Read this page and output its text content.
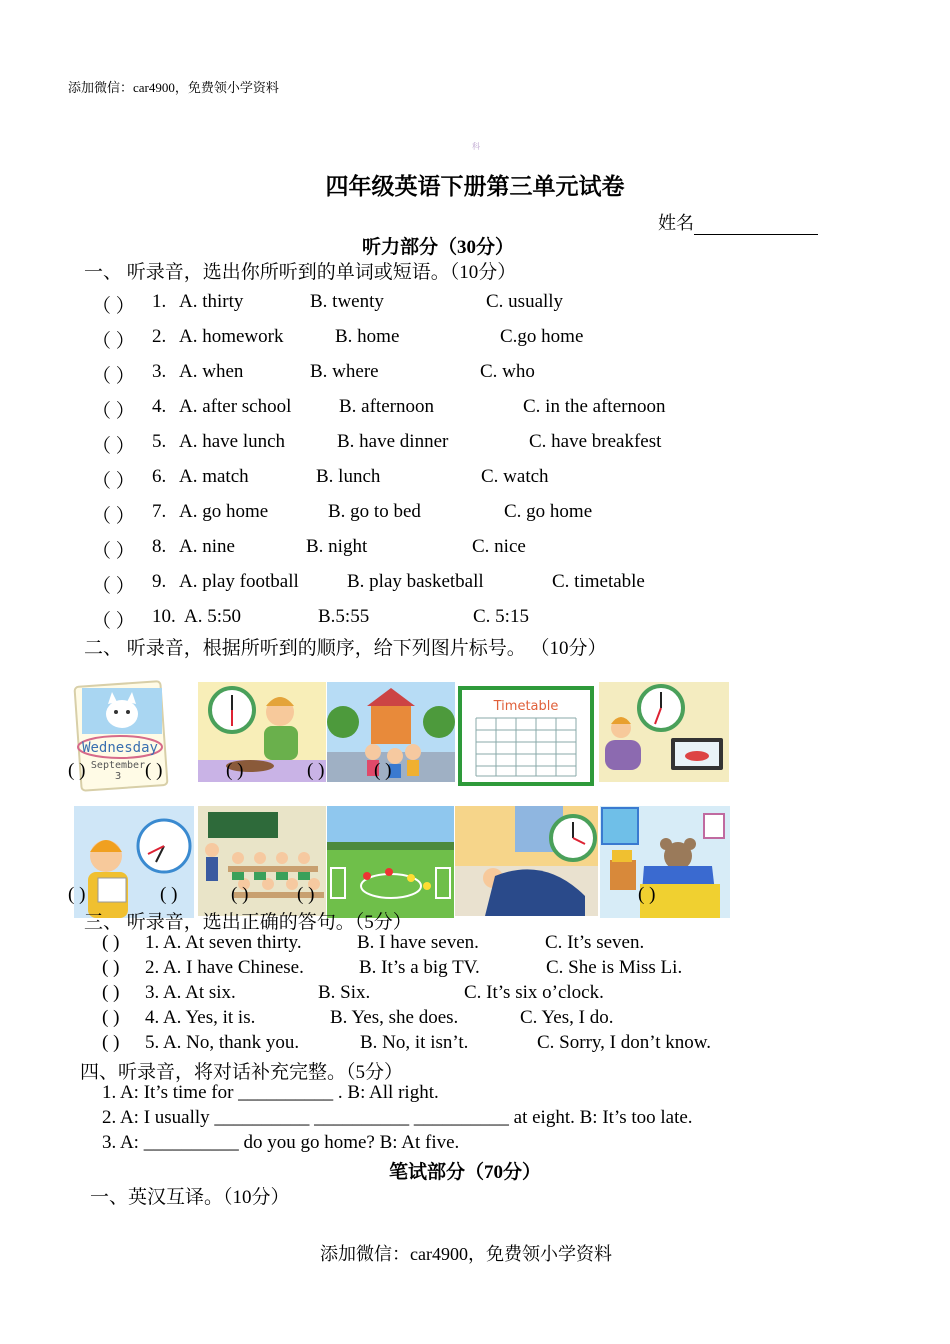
添加微信：car4900，免费领小学资料
科
四年级英语下册第三单元试卷
姓名
听力部分（30分）
一、 听录音，选出你所听到的单词或短语。（10分）
（ ） 1. A. thirty	B. twenty	C. usually
（ ） 2. A. homework	B. home	C.go home
（ ） 3. A. when	B. where	C. who
（ ） 4. A. after school	B. afternoon	C. in the afternoon
（ ） 5. A. have lunch	B. have dinner	C. have breakfest
（ ） 6. A. match	B. lunch	C. watch
（ ） 7. A. go home	B. go to bed	C. go home
（ ） 8. A. nine	B. night	C. nice
（ ） 9. A. play football	B. play basketball	C. timetable
（ ） 10. A. 5:50	B.5:55	C. 5:15
二、 听录音，根据所听到的顺序，给下列图片标号。 （10分）
Wednesday
September
3
Timetable
( )	( )	( )	( )	( )
( )	( )	( )	( )	( )
三、 听录音，选出正确的答句。（5分）
( ) 1. A. At seven thirty.	B. I have seven.	C. It’s seven.
( ) 2. A. I have Chinese.	B. It’s a big TV.	C. She is Miss Li.
( ) 3. A. At six.	B. Six.	C. It’s six o’clock.
( ) 4. A. Yes, it is.	B. Yes, she does.	C. Yes, I do.
( ) 5. A. No, thank you.	B. No, it isn’t.	C. Sorry, I don’t know.
四、听录音，将对话补充完整。（5分）
1. A: It’s time for __________ . B: All right.
2. A: I usually __________ __________ __________ at eight. B: It’s too late.
3. A: __________ do you go home? B: At five.
笔试部分（70分）
一、英汉互译。（10分）
添加微信：car4900，免费领小学资料
